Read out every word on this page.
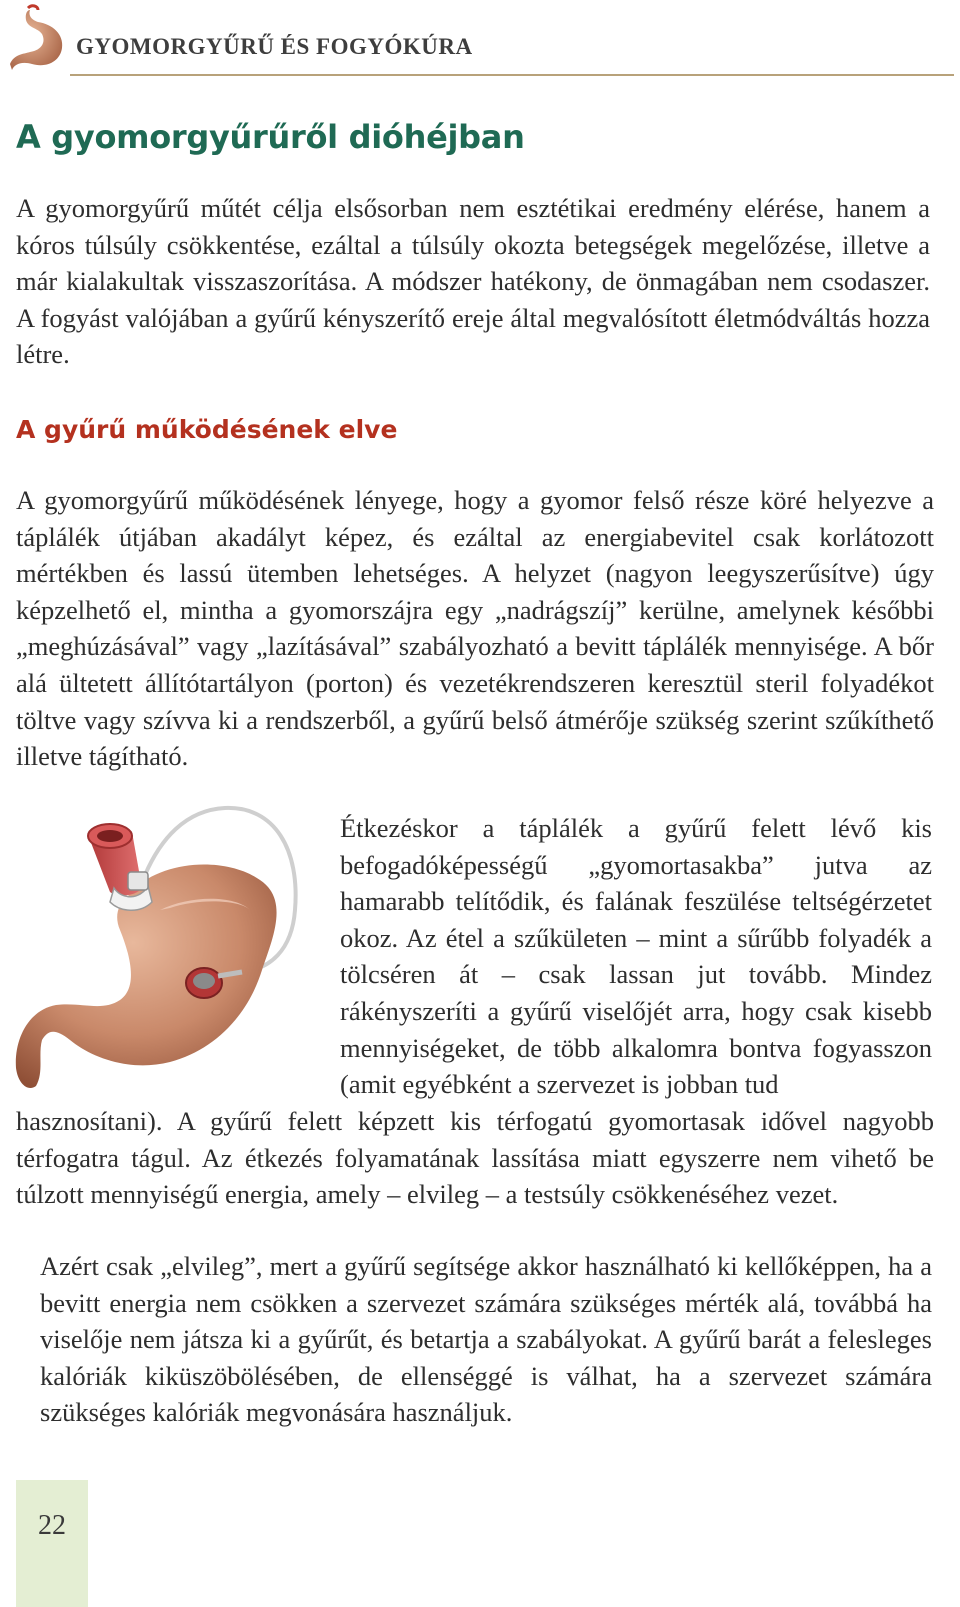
GYOMORGYŰRŰ ÉS FOGYÓKÚRA
A gyomorgyűrűről dióhéjban

A gyomorgyűrű műtét célja elsősorban nem esztétikai eredmény elérése, hanem a kóros túlsúly csökkentése, ezáltal a túlsúly okozta betegségek megelőzése, illetve a már kialakultak visszaszorítása. A módszer hatékony, de önmagában nem csodaszer. A fogyást valójában a gyűrű kényszerítő ereje által megvalósított életmódváltás hozza létre.

A gyűrű működésének elve

A gyomorgyűrű működésének lényege, hogy a gyomor felső része köré helyezve a táplálék útjában akadályt képez, és ezáltal az energiabevitel csak korlátozott mértékben és lassú ütemben lehetséges. A helyzet (nagyon leegyszerűsítve) úgy képzelhető el, mintha a gyomorszájra egy „nadrágszíj” kerülne, amelynek későbbi „meghúzásával” vagy „lazításával” szabályozható a bevitt táplálék mennyisége. A bőr alá ültetett állítótartályon (porton) és vezetékrendszeren keresztül steril folyadékot töltve vagy szívva ki a rendszerből, a gyűrű belső átmérője szükség szerint szűkíthető illetve tágítható.

Étkezéskor a táplálék a gyűrű felett lévő kis befogadóképességű „gyomortasakba” jutva az hamarabb telítődik, és falának feszülése teltségérzetet okoz. Az étel a szűkületen – mint a sűrűbb folyadék a tölcséren át – csak lassan jut tovább. Mindez rákényszeríti a gyűrű viselőjét arra, hogy csak kisebb mennyiségeket, de több alkalomra bontva fogyasszon (amit egyébként a szervezet is jobban tud

hasznosítani). A gyűrű felett képzett kis térfogatú gyomortasak idővel nagyobb térfogatra tágul. Az étkezés folyamatának lassítása miatt egyszerre nem vihető be túlzott mennyiségű energia, amely – elvileg – a testsúly csökkenéséhez vezet.

Azért csak „elvileg”, mert a gyűrű segítsége akkor használható ki kellőképpen, ha a bevitt energia nem csökken a szervezet számára szükséges mérték alá, továbbá ha viselője nem játsza ki a gyűrűt, és betartja a szabályokat. A gyűrű barát a felesleges kalóriák kiküszöbölésében, de ellenséggé is válhat, ha a szervezet számára szükséges kalóriák megvonására használjuk.

22
